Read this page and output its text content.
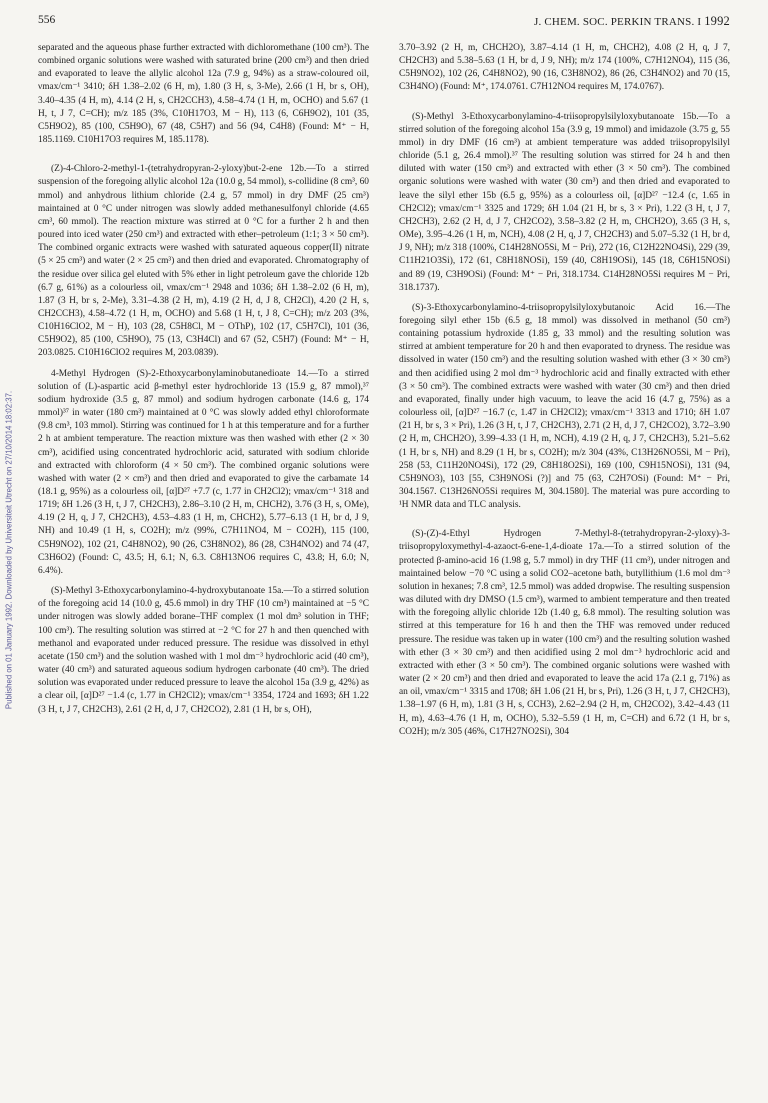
556	J. CHEM. SOC. PERKIN TRANS. I 1992
Published on 01 January 1992. Downloaded by Universiteit Utrecht on 27/10/2014 18:02:37.

separated and the aqueous phase further extracted with dichloromethane (100 cm³). The combined organic solutions were washed with saturated brine (200 cm³) and then dried and evaporated to leave the allylic alcohol 12a (7.9 g, 94%) as a straw-coloured oil, νmax/cm⁻¹ 3410; δH 1.38–2.02 (6 H, m), 1.80 (3 H, s, 3-Me), 2.66 (1 H, br s, OH), 3.40–4.35 (4 H, m), 4.14 (2 H, s, CH2CCH3), 4.58–4.74 (1 H, m, OCHO) and 5.67 (1 H, t, J 7, C=CH); m/z 185 (3%, C10H17O3, M − H), 113 (6, C6H9O2), 101 (35, C5H9O2), 85 (100, C5H9O), 67 (48, C5H7) and 56 (94, C4H8) (Found: M⁺ − H, 185.1169. C10H17O3 requires M, 185.1178).

(Z)-4-Chloro-2-methyl-1-(tetrahydropyran-2-yloxy)but-2-ene 12b.—To a stirred suspension of the foregoing allylic alcohol 12a (10.0 g, 54 mmol), s-collidine (8 cm³, 60 mmol) and anhydrous lithium chloride (2.4 g, 57 mmol) in dry DMF (25 cm³) maintained at 0 °C under nitrogen was slowly added methanesulfonyl chloride (4.65 cm³, 60 mmol). The reaction mixture was stirred at 0 °C for a further 2 h and then poured into iced water (250 cm³) and extracted with ether–petroleum (1:1; 3 × 50 cm³). The combined organic extracts were washed with saturated aqueous copper(II) nitrate (5 × 25 cm³) and water (2 × 25 cm³) and then dried and evaporated. Chromatography of the residue over silica gel eluted with 5% ether in light petroleum gave the chloride 12b (6.7 g, 61%) as a colourless oil, νmax/cm⁻¹ 2948 and 1036; δH 1.38–2.02 (6 H, m), 1.87 (3 H, br s, 2-Me), 3.31–4.38 (2 H, m), 4.19 (2 H, d, J 8, CH2Cl), 4.20 (2 H, s, CH2CCH3), 4.58–4.72 (1 H, m, OCHO) and 5.68 (1 H, t, J 8, C=CH); m/z 203 (3%, C10H16ClO2, M − H), 103 (28, C5H8Cl, M − OThP), 102 (17, C5H7Cl), 101 (36, C5H9O2), 85 (100, C5H9O), 75 (13, C3H4Cl) and 67 (52, C5H7) (Found: M⁺ − H, 203.0825. C10H16ClO2 requires M, 203.0839).

4-Methyl Hydrogen (S)-2-Ethoxycarbonylaminobutanedioate 14.—To a stirred solution of (L)-aspartic acid β-methyl ester hydrochloride 13 (15.9 g, 87 mmol),³⁷ sodium hydroxide (3.5 g, 87 mmol) and sodium hydrogen carbonate (14.6 g, 174 mmol)³⁷ in water (180 cm³) maintained at 0 °C was slowly added ethyl chloroformate (9.8 cm³, 103 mmol). Stirring was continued for 1 h at this temperature and for a further 2 h at ambient temperature. The reaction mixture was then washed with ether (2 × 30 cm³), acidified using concentrated hydrochloric acid, saturated with sodium chloride and extracted with chloroform (4 × 50 cm³). The combined organic solutions were washed with water (2 × cm³) and then dried and evaporated to give the carbamate 14 (18.1 g, 95%) as a colourless oil, [α]D²⁷ +7.7 (c, 1.77 in CH2Cl2); νmax/cm⁻¹ 318 and 1719; δH 1.26 (3 H, t, J 7, CH2CH3), 2.86–3.10 (2 H, m, CHCH2), 3.76 (3 H, s, OMe), 4.19 (2 H, q, J 7, CH2CH3), 4.53–4.83 (1 H, m, CHCH2), 5.77–6.13 (1 H, br d, J 9, NH) and 10.49 (1 H, s, CO2H); m/z (99%, C7H11NO4, M − CO2H), 115 (100, C5H9NO2), 102 (21, C4H8NO2), 90 (26, C3H8NO2), 86 (28, C3H4NO2) and 74 (47, C3H6O2) (Found: C, 43.5; H, 6.1; N, 6.3. C8H13NO6 requires C, 43.8; H, 6.0; N, 6.4%).

(S)-Methyl 3-Ethoxycarbonylamino-4-hydroxybutanoate 15a.—To a stirred solution of the foregoing acid 14 (10.0 g, 45.6 mmol) in dry THF (10 cm³) maintained at −5 °C under nitrogen was slowly added borane–THF complex (1 mol dm³ solution in THF; 100 cm³). The resulting solution was stirred at −2 °C for 27 h and then quenched with methanol and evaporated under reduced pressure. The residue was dissolved in ethyl acetate (150 cm³) and the solution washed with 1 mol dm⁻³ hydrochloric acid (40 cm³), water (40 cm³) and saturated aqueous sodium hydrogen carbonate (40 cm³). The dried solution was evaporated under reduced pressure to leave the alcohol 15a (3.9 g, 42%) as a clear oil, [α]D²⁷ −1.4 (c, 1.77 in CH2Cl2); νmax/cm⁻¹ 3354, 1724 and 1693; δH 1.22 (3 H, t, J 7, CH2CH3), 2.61 (2 H, d, J 7, CH2CO2), 2.81 (1 H, br s, OH),

3.70–3.92 (2 H, m, CHCH2O), 3.87–4.14 (1 H, m, CHCH2), 4.08 (2 H, q, J 7, CH2CH3) and 5.38–5.63 (1 H, br d, J 9, NH); m/z 174 (100%, C7H12NO4), 115 (36, C5H9NO2), 102 (26, C4H8NO2), 90 (16, C3H8NO2), 86 (26, C3H4NO2) and 70 (15, C3H4NO) (Found: M⁺, 174.0761. C7H12NO4 requires M, 174.0767).

(S)-Methyl 3-Ethoxycarbonylamino-4-triisopropylsilyloxybutanoate 15b.—To a stirred solution of the foregoing alcohol 15a (3.9 g, 19 mmol) and imidazole (3.75 g, 55 mmol) in dry DMF (16 cm³) at ambient temperature was added triisopropylsilyl chloride (5.1 g, 26.4 mmol).³⁷ The resulting solution was stirred for 24 h and then diluted with water (150 cm³) and extracted with ether (3 × 50 cm³). The combined organic solutions were washed with water (30 cm³) and then dried and evaporated to leave the silyl ether 15b (6.5 g, 95%) as a colourless oil, [α]D²⁷ −12.4 (c, 1.65 in CH2Cl2); νmax/cm⁻¹ 3325 and 1729; δH 1.04 (21 H, br s, 3 × Pri), 1.22 (3 H, t, J 7, CH2CH3), 2.62 (2 H, d, J 7, CH2CO2), 3.58–3.82 (2 H, m, CHCH2O), 3.65 (3 H, s, OMe), 3.95–4.26 (1 H, m, NCH), 4.08 (2 H, q, J 7, CH2CH3) and 5.07–5.32 (1 H, br d, J 9, NH); m/z 318 (100%, C14H28NO5Si, M − Pri), 272 (16, C12H22NO4Si), 229 (39, C11H21O3Si), 172 (61, C8H18NOSi), 159 (40, C8H19OSi), 145 (18, C6H15NOSi) and 89 (19, C3H9OSi) (Found: M⁺ − Pri, 318.1734. C14H28NO5Si requires M − Pri, 318.1737).

(S)-3-Ethoxycarbonylamino-4-triisopropylsilyloxybutanoic Acid 16.—The foregoing silyl ether 15b (6.5 g, 18 mmol) was dissolved in methanol (50 cm³) containing potassium hydroxide (1.85 g, 33 mmol) and the resulting solution was stirred at ambient temperature for 20 h and then evaporated to dryness. The residue was dissolved in water (150 cm³) and the resulting solution washed with ether (3 × 30 cm³) and then acidified using 2 mol dm⁻³ hydrochloric acid and finally extracted with ether (3 × 50 cm³). The combined extracts were washed with water (30 cm³) and then dried and evaporated, finally under high vacuum, to leave the acid 16 (4.7 g, 75%) as a colourless oil, [α]D²⁷ −16.7 (c, 1.47 in CH2Cl2); νmax/cm⁻¹ 3313 and 1710; δH 1.07 (21 H, br s, 3 × Pri), 1.26 (3 H, t, J 7, CH2CH3), 2.71 (2 H, d, J 7, CH2CO2), 3.72–3.90 (2 H, m, CHCH2O), 3.99–4.33 (1 H, m, NCH), 4.19 (2 H, q, J 7, CH2CH3), 5.21–5.62 (1 H, br s, NH) and 8.29 (1 H, br s, CO2H); m/z 304 (43%, C13H26NO5Si, M − Pri), 258 (53, C11H20NO4Si), 172 (29, C8H18O2Si), 169 (100, C9H15NOSi), 131 (94, C5H9NO3), 103 [55, C3H9NOSi (?)] and 75 (63, C2H7OSi) (Found: M⁺ − Pri, 304.1567. C13H26NO5Si requires M, 304.1580]. The material was pure according to ¹H NMR data and TLC analysis.

(S)-(Z)-4-Ethyl Hydrogen 7-Methyl-8-(tetrahydropyran-2-yloxy)-3-triisopropyloxymethyl-4-azaoct-6-ene-1,4-dioate 17a.—To a stirred solution of the protected β-amino-acid 16 (1.98 g, 5.7 mmol) in dry THF (11 cm³), under nitrogen and maintained below −70 °C using a solid CO2–acetone bath, butyllithium (1.6 mol dm⁻³ solution in hexanes; 7.8 cm³, 12.5 mmol) was added dropwise. The resulting suspension was diluted with dry DMSO (1.5 cm³), warmed to ambient temperature and then treated with the foregoing allylic chloride 12b (1.40 g, 6.8 mmol). The resulting solution was stirred at this temperature for 16 h and then the THF was removed under reduced pressure. The residue was taken up in water (100 cm³) and the resulting solution washed with ether (3 × 30 cm³) and then acidified using 2 mol dm⁻³ hydrochloric acid and extracted with ether (3 × 50 cm³). The combined organic solutions were washed with water (2 × 20 cm³) and then dried and evaporated to leave the acid 17a (2.1 g, 71%) as an oil, νmax/cm⁻¹ 3315 and 1708; δH 1.06 (21 H, br s, Pri), 1.26 (3 H, t, J 7, CH2CH3), 1.38–1.97 (6 H, m), 1.81 (3 H, s, CCH3), 2.62–2.94 (2 H, m, CH2CO2), 3.42–4.43 (11 H, m), 4.63–4.76 (1 H, m, OCHO), 5.32–5.59 (1 H, m, C=CH) and 6.72 (1 H, br s, CO2H); m/z 305 (46%, C17H27NO2Si), 304
